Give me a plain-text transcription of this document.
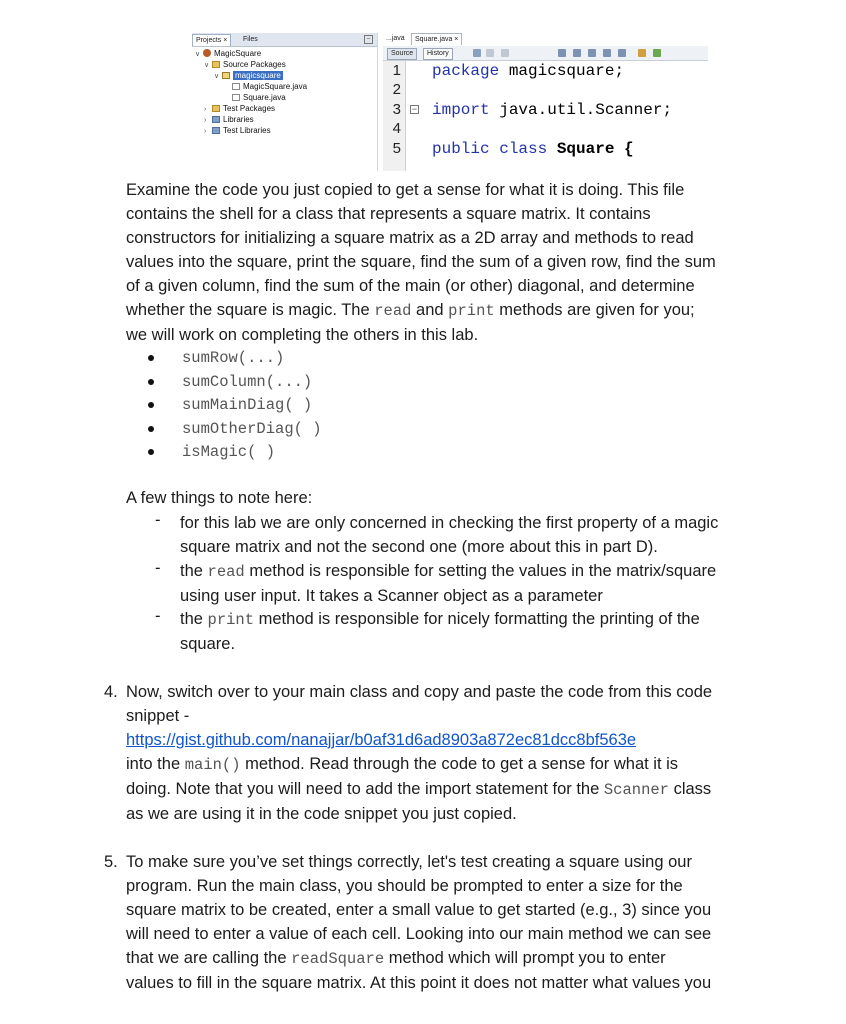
Projects ×	Files	–
∨ MagicSquare
∨ Source Packages
∨ magicsquare
MagicSquare.java
Square.java
› Test Packages
› Libraries
› Test Libraries
...java	Square.java ×
Source	History
1
2
3
4
5
package magicsquare;
− import java.util.Scanner;
public class Square {
Examine the code you just copied to get a sense for what it is doing. This file
contains the shell for a class that represents a square matrix. It contains
constructors for initializing a square matrix as a 2D array and methods to read
values into the square, print the square, find the sum of a given row, find the sum
of a given column, find the sum of the main (or other) diagonal, and determine
whether the square is magic. The read and print methods are given for you;
we will work on completing the others in this lab.
sumRow(...)
sumColumn(...)
sumMainDiag( )
sumOtherDiag( )
isMagic( )
A few things to note here:
- for this lab we are only concerned in checking the first property of a magic
square matrix and not the second one (more about this in part D).
- the read method is responsible for setting the values in the matrix/square
using user input. It takes a Scanner object as a parameter
- the print method is responsible for nicely formatting the printing of the
square.
4. Now, switch over to your main class and copy and paste the code from this code
snippet -
https://gist.github.com/nanajjar/b0af31d6ad8903a872ec81dcc8bf563e
into the main() method. Read through the code to get a sense for what it is
doing. Note that you will need to add the import statement for the Scanner class
as we are using it in the code snippet you just copied.
5. To make sure you’ve set things correctly, let's test creating a square using our
program. Run the main class, you should be prompted to enter a size for the
square matrix to be created, enter a small value to get started (e.g., 3) since you
will need to enter a value of each cell. Looking into our main method we can see
that we are calling the readSquare method which will prompt you to enter
values to fill in the square matrix. At this point it does not matter what values you
